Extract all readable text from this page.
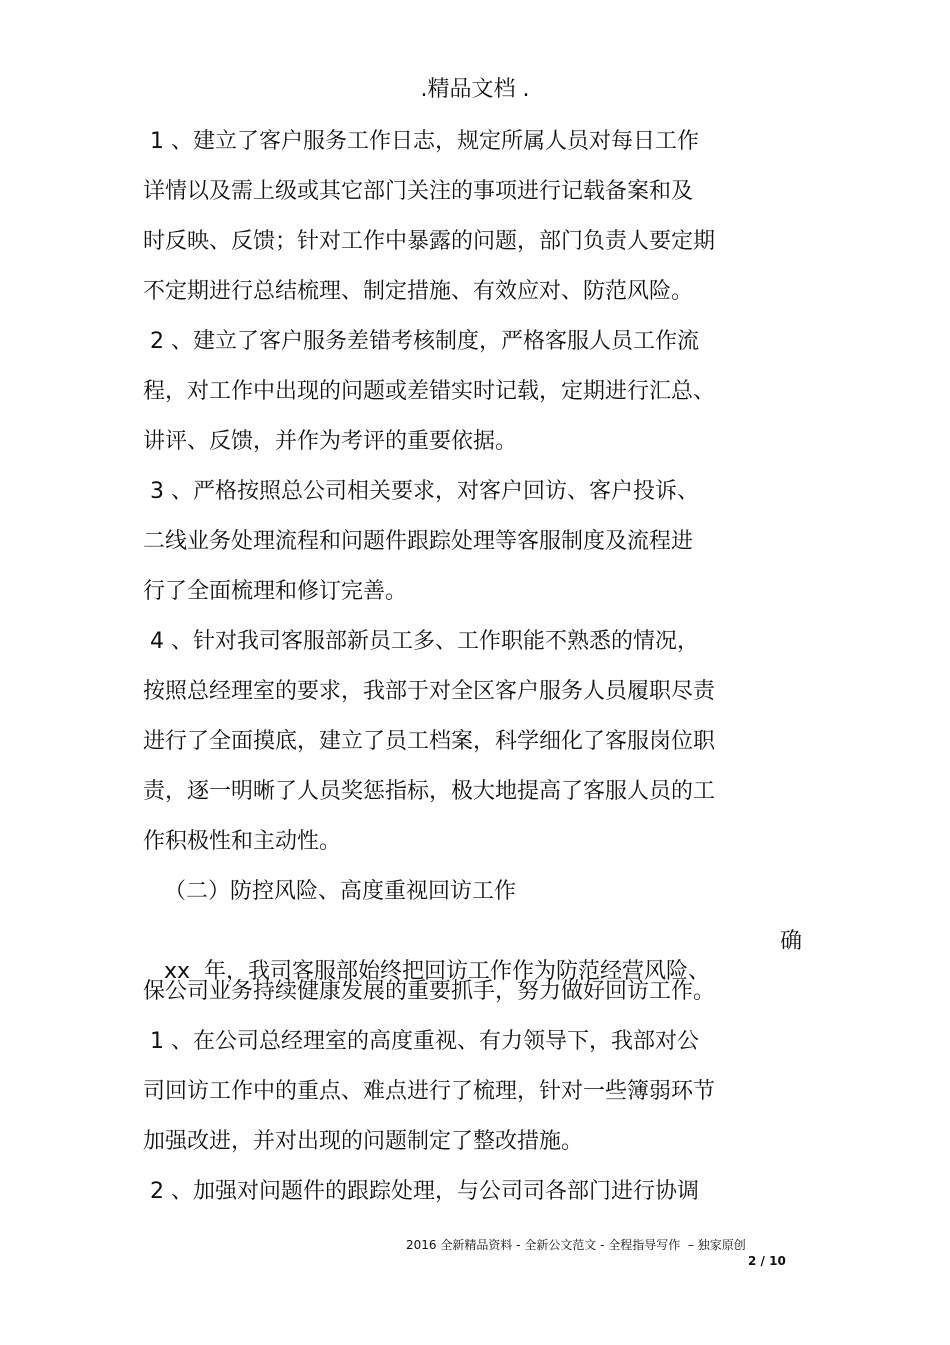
.精品文档 .
1 、建立了客户服务工作日志，规定所属人员对每日工作
详情以及需上级或其它部门关注的事项进行记载备案和及
时反映、反馈；针对工作中暴露的问题，部门负责人要定期
不定期进行总结梳理、制定措施、有效应对、防范风险。
2 、建立了客户服务差错考核制度，严格客服人员工作流
程，对工作中出现的问题或差错实时记载，定期进行汇总、
讲评、反馈，并作为考评的重要依据。
3 、严格按照总公司相关要求，对客户回访、客户投诉、
二线业务处理流程和问题件跟踪处理等客服制度及流程进
行了全面梳理和修订完善。
4 、针对我司客服部新员工多、工作职能不熟悉的情况，
按照总经理室的要求，我部于对全区客户服务人员履职尽责
进行了全面摸底，建立了员工档案，科学细化了客服岗位职
责，逐一明晰了人员奖惩指标，极大地提高了客服人员的工
作积极性和主动性。
（二）防控风险、高度重视回访工作

xx  年，我司客服部始终把回访工作作为防范经营风险、

确

保公司业务持续健康发展的重要抓手，努力做好回访工作。
1 、在公司总经理室的高度重视、有力领导下，我部对公
司回访工作中的重点、难点进行了梳理，针对一些簿弱环节
加强改进，并对出现的问题制定了整改措施。
2 、加强对问题件的跟踪处理，与公司司各部门进行协调
2016 全新精品资料 - 全新公文范文 - 全程指导写作  – 独家原创
2 / 10
